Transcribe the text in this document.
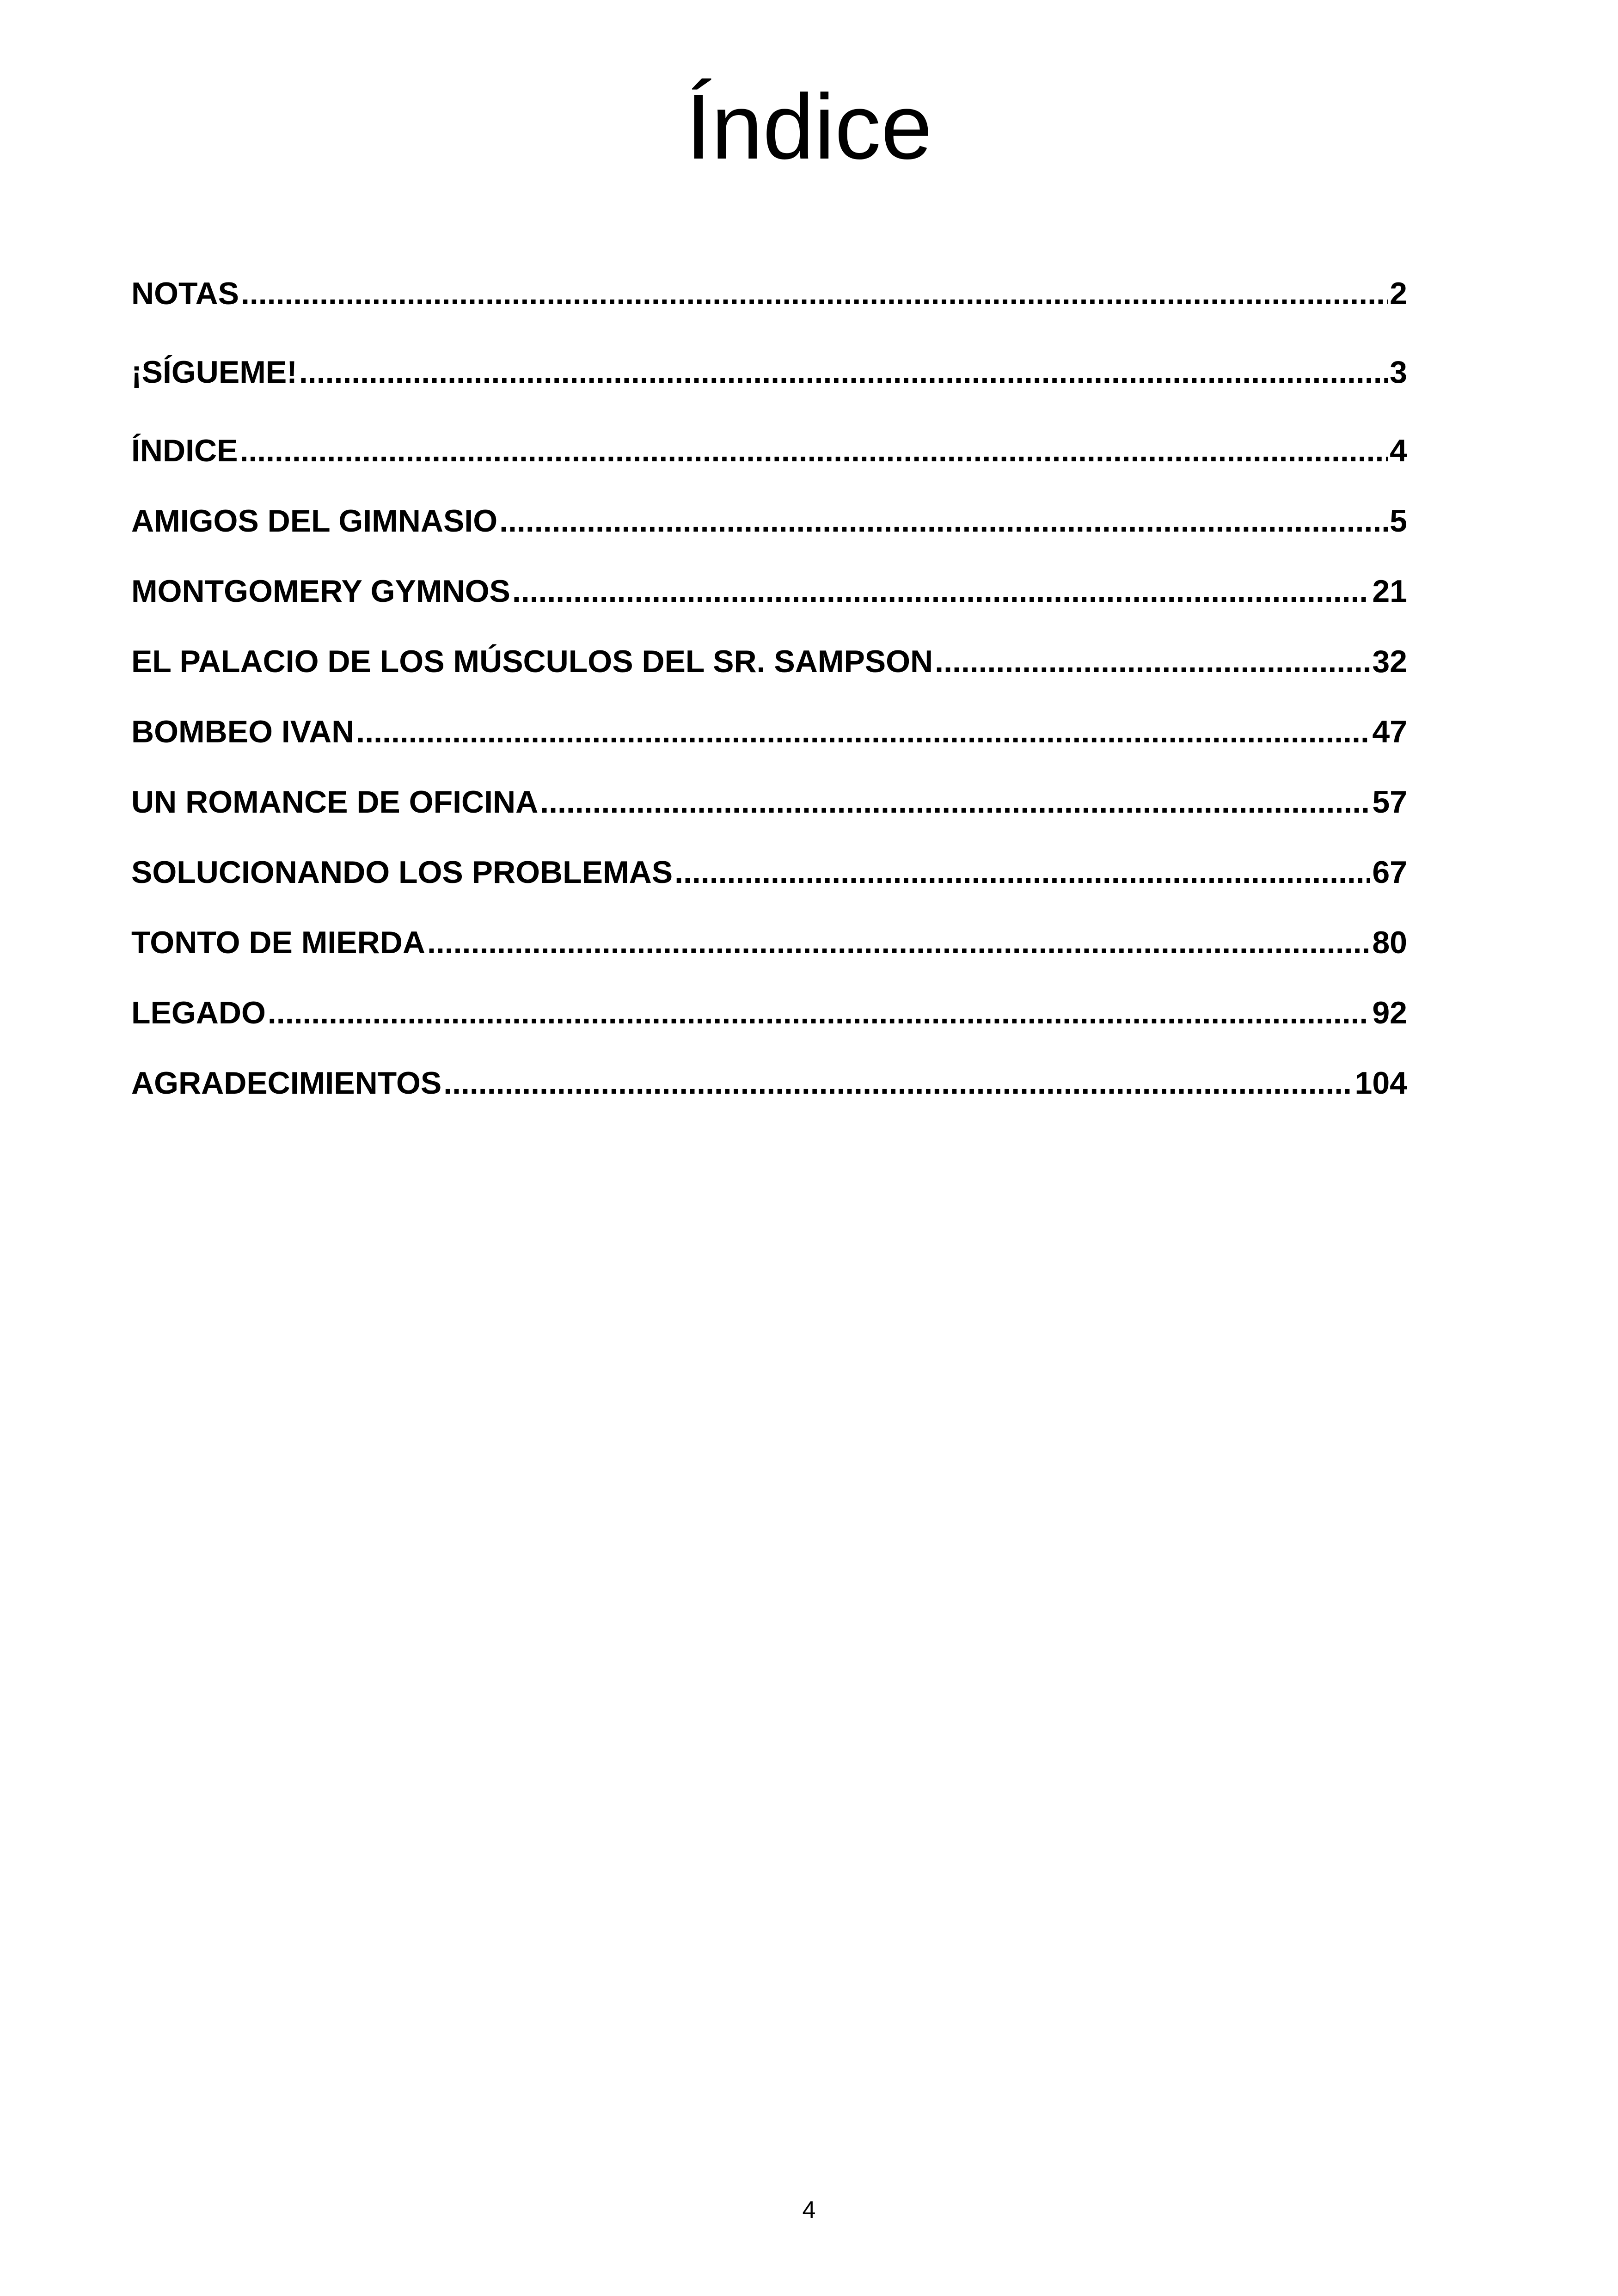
Índice
NOTAS .....	2
¡SÍGUEME! .....	3
ÍNDICE .....	4
AMIGOS DEL GIMNASIO .....	5
MONTGOMERY GYMNOS .....	21
EL PALACIO DE LOS MÚSCULOS DEL SR. SAMPSON .....	32
BOMBEO IVAN .....	47
UN ROMANCE DE OFICINA .....	57
SOLUCIONANDO LOS PROBLEMAS .....	67
TONTO DE MIERDA .....	80
LEGADO .....	92
AGRADECIMIENTOS .....	104
4
